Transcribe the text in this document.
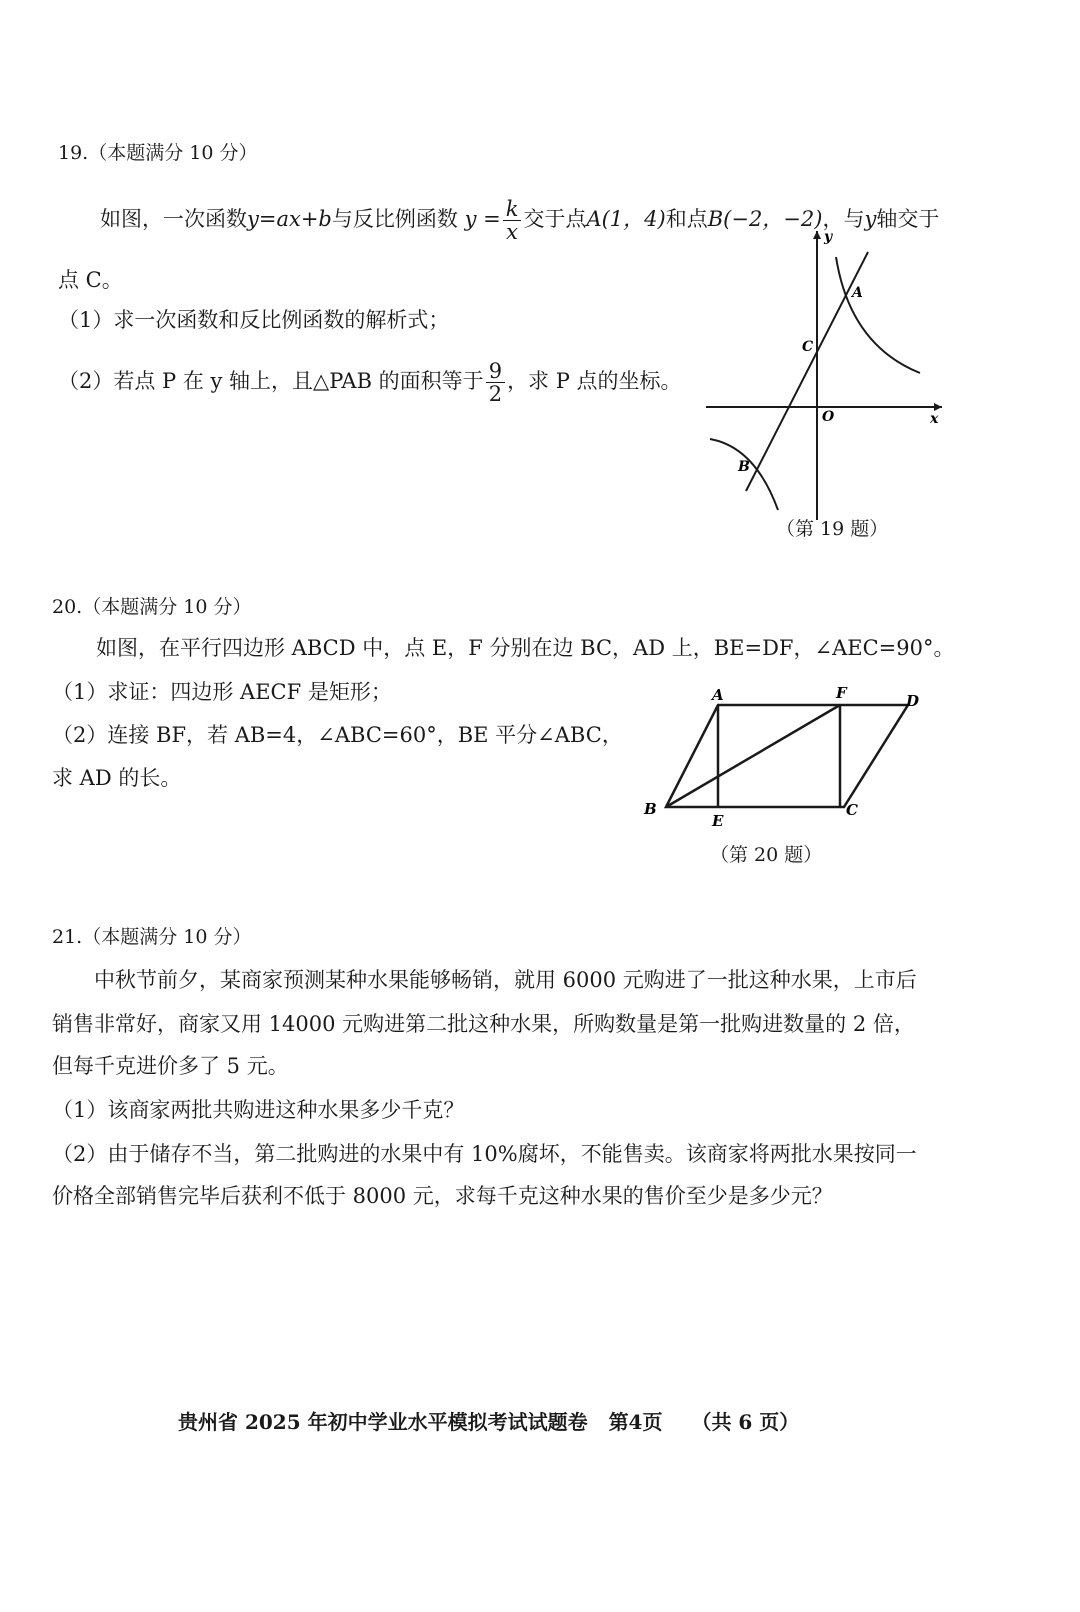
19.（本题满分 10 分）
如图，一次函数y=ax+b与反比例函数 $y = \frac{k}{x}$ 交于点A(1，4)和点B(−2，−2)，与y轴交于
点 C。
（1）求一次函数和反比例函数的解析式；
（2）若点 P 在 y 轴上，且△PAB 的面积等于 $\frac{9}{2}$ ，求 P 点的坐标。
y
x
O
A
B
C
（第 19 题）
20.（本题满分 10 分）
如图，在平行四边形 ABCD 中，点 E，F 分别在边 BC，AD 上，BE=DF，∠AEC=90°。
（1）求证：四边形 AECF 是矩形；
（2）连接 BF，若 AB=4，∠ABC=60°，BE 平分∠ABC，
求 AD 的长。
A	F	D
B	C
E
（第 20 题）
21.（本题满分 10 分）
中秋节前夕，某商家预测某种水果能够畅销，就用 6000 元购进了一批这种水果，上市后
销售非常好，商家又用 14000 元购进第二批这种水果，所购数量是第一批购进数量的 2 倍，
但每千克进价多了 5 元。
（1）该商家两批共购进这种水果多少千克？
（2）由于储存不当，第二批购进的水果中有 10%腐坏，不能售卖。该商家将两批水果按同一
价格全部销售完毕后获利不低于 8000 元，求每千克这种水果的售价至少是多少元？
贵州省 2025 年初中学业水平模拟考试试题卷 第4页 （共 6 页）
